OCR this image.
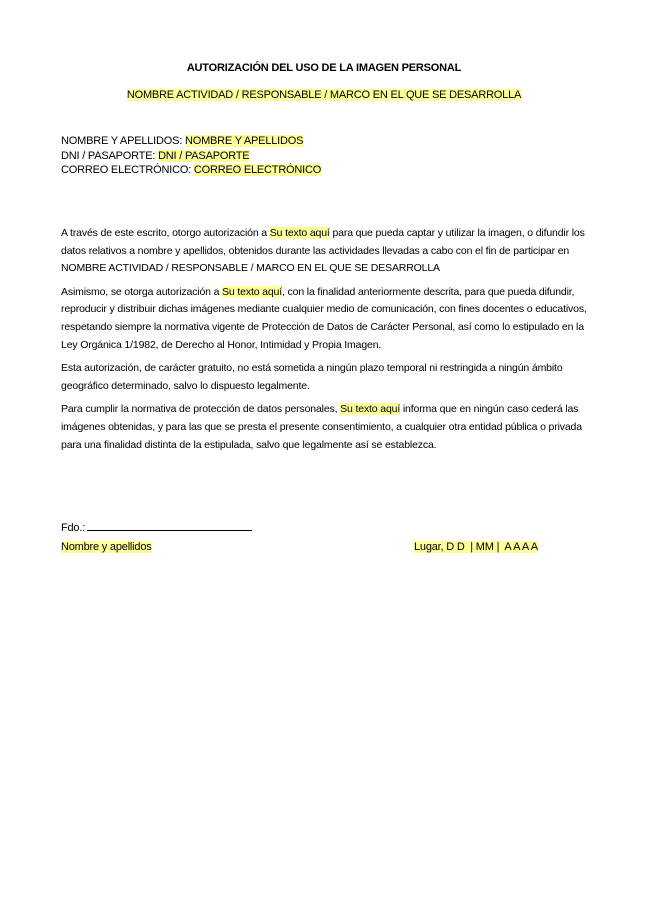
AUTORIZACIÓN DEL USO DE LA IMAGEN PERSONAL
NOMBRE ACTIVIDAD / RESPONSABLE / MARCO EN EL QUE SE DESARROLLA
NOMBRE Y APELLIDOS: NOMBRE Y APELLIDOS
DNI / PASAPORTE: DNI / PASAPORTE
CORREO ELECTRÓNICO: CORREO ELECTRÓNICO

A través de este escrito, otorgo autorización a Su texto aquí para que pueda captar y utilizar la imagen, o difundir los datos relativos a nombre y apellidos, obtenidos durante las actividades llevadas a cabo con el fin de participar en NOMBRE ACTIVIDAD / RESPONSABLE / MARCO EN EL QUE SE DESARROLLA

Asimismo, se otorga autorización a Su texto aquí, con la finalidad anteriormente descrita, para que pueda difundir, reproducir y distribuir dichas imágenes mediante cualquier medio de comunicación, con fines docentes o educativos, respetando siempre la normativa vigente de Protección de Datos de Carácter Personal, así como lo estipulado en la Ley Orgánica 1/1982, de Derecho al Honor, Intimidad y Propia Imagen.

Esta autorización, de carácter gratuito, no está sometida a ningún plazo temporal ni restringida a ningún ámbito geográfico determinado, salvo lo dispuesto legalmente.

Para cumplir la normativa de protección de datos personales, Su texto aquí informa que en ningún caso cederá las imágenes obtenidas, y para las que se presta el presente consentimiento, a cualquier otra entidad pública o privada para una finalidad distinta de la estipulada, salvo que legalmente así se establezca.

Fdo.:
Nombre y apellidos	Lugar, D D  | MM |  A A A A
